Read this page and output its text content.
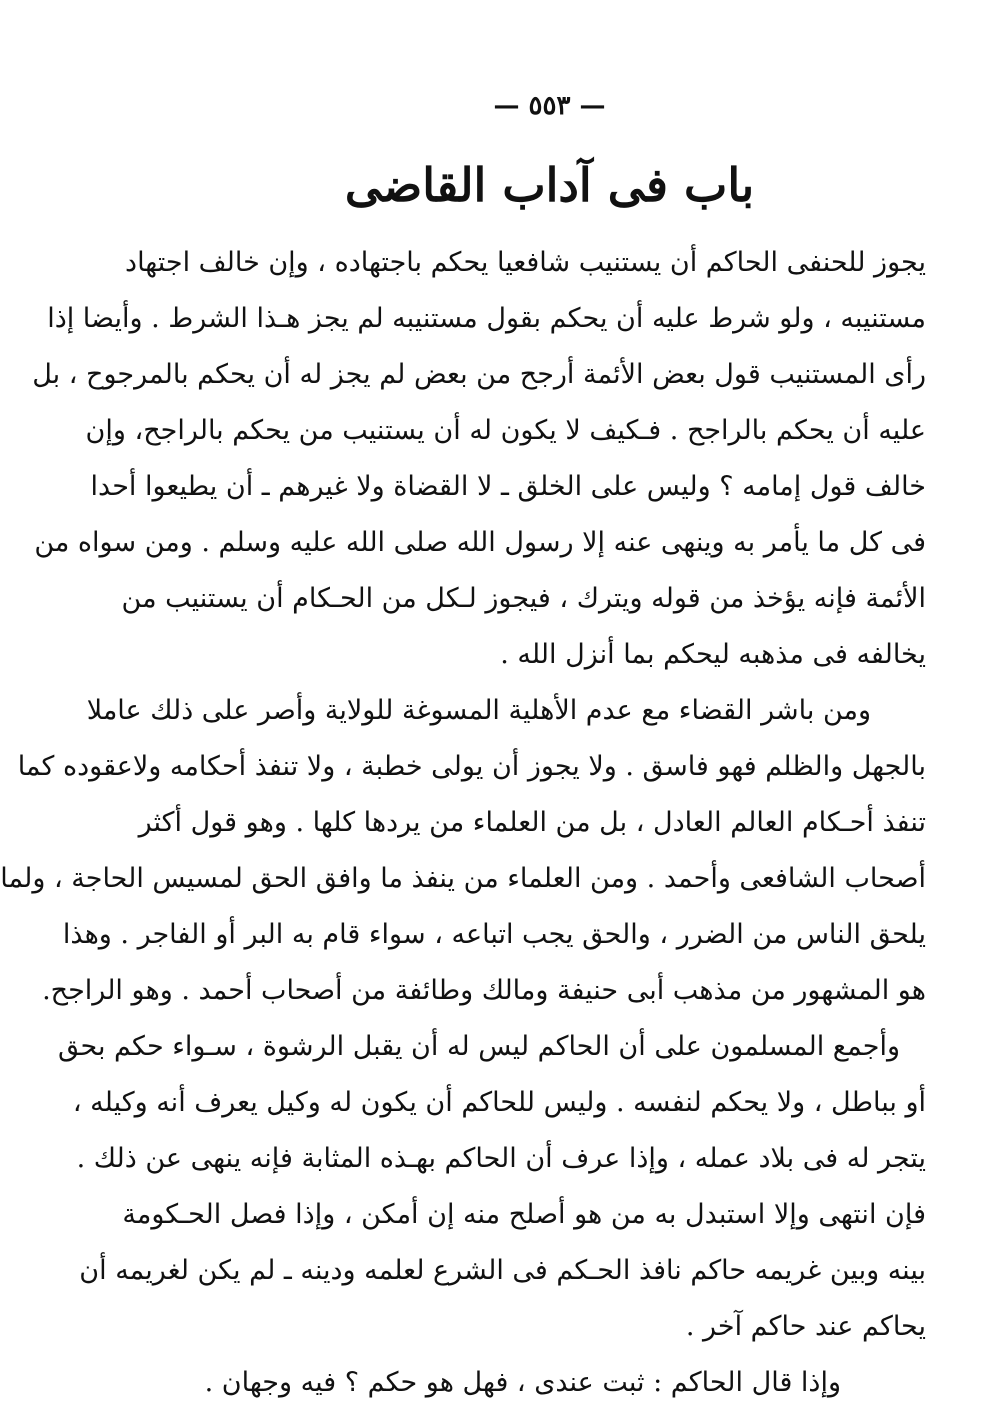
— ٥٥٣ —
باب فى آداب القاضى
يجوز للحنفى الحاكم أن يستنيب شافعيا يحكم باجتهاده ، وإن خالف اجتهاد
مستنيبه ، ولو شرط عليه أن يحكم بقول مستنيبه لم يجز هـذا الشرط . وأيضا إذا
رأى المستنيب قول بعض الأئمة أرجح من بعض لم يجز له أن يحكم بالمرجوح ، بل
عليه أن يحكم بالراجح . فـكيف لا يكون له أن يستنيب من يحكم بالراجح، وإن
خالف قول إمامه ؟ وليس على الخلق ـ لا القضاة ولا غيرهم ـ أن يطيعوا أحدا
فى كل ما يأمر به وينهى عنه إلا رسول الله صلى الله عليه وسلم . ومن سواه من
الأئمة فإنه يؤخذ من قوله ويترك ، فيجوز لـكل من الحـكام أن يستنيب من
يخالفه فى مذهبه ليحكم بما أنزل الله .
ومن باشر القضاء مع عدم الأهلية المسوغة للولاية وأصر على ذلك عاملا
بالجهل والظلم فهو فاسق . ولا يجوز أن يولى خطبة ، ولا تنفذ أحكامه ولاعقوده كما
تنفذ أحـكام العالم العادل ، بل من العلماء من يردها كلها . وهو قول أكثر
أصحاب الشافعى وأحمد . ومن العلماء من ينفذ ما وافق الحق لمسيس الحاجة ، ولما
يلحق الناس من الضرر ، والحق يجب اتباعه ، سواء قام به البر أو الفاجر . وهذا
هو المشهور من مذهب أبى حنيفة ومالك وطائفة من أصحاب أحمد . وهو الراجح.
وأجمع المسلمون على أن الحاكم ليس له أن يقبل الرشوة ، سـواء حكم بحق
أو بباطل ، ولا يحكم لنفسه . وليس للحاكم أن يكون له وكيل يعرف أنه وكيله ،
يتجر له فى بلاد عمله ، وإذا عرف أن الحاكم بهـذه المثابة فإنه ينهى عن ذلك .
فإن انتهى وإلا استبدل به من هو أصلح منه إن أمكن ، وإذا فصل الحـكومة
بينه وبين غريمه حاكم نافذ الحـكم فى الشرع لعلمه ودينه ـ لم يكن لغريمه أن
يحاكم عند حاكم آخر .
وإذا قال الحاكم : ثبت عندى ، فهل هو حكم ؟ فيه وجهان .
